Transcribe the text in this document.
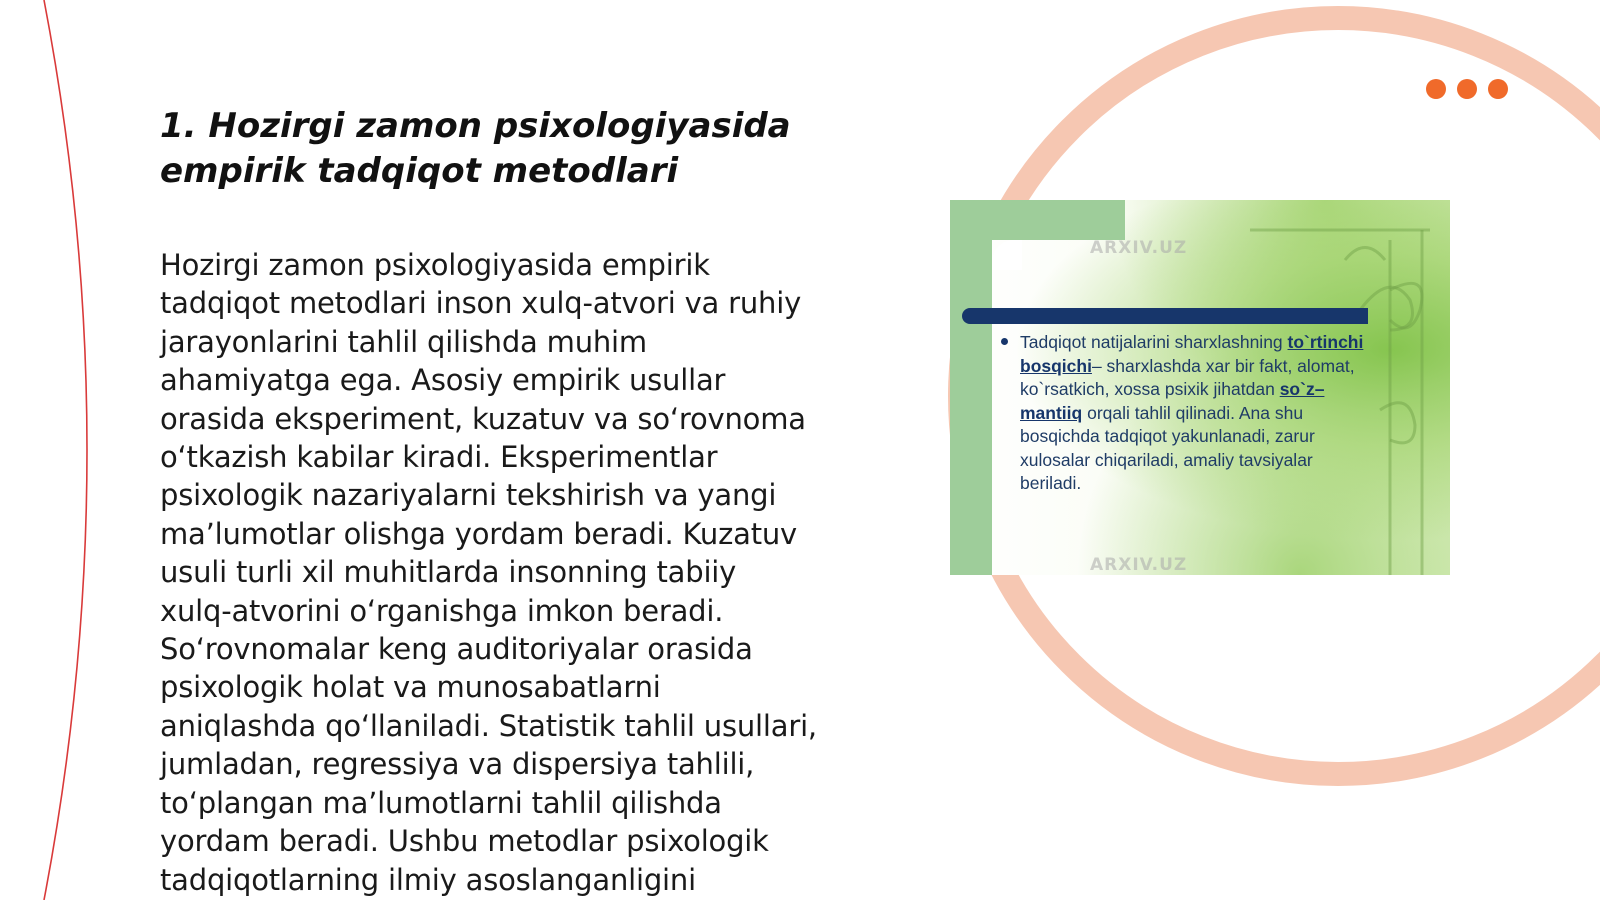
1. Hozirgi zamon psixologiyasida
empirik tadqiqot metodlari

Hozirgi zamon psixologiyasida empirik
tadqiqot metodlari inson xulq-atvori va ruhiy
jarayonlarini tahlil qilishda muhim
ahamiyatga ega. Asosiy empirik usullar
orasida eksperiment, kuzatuv va so‘rovnoma
o‘tkazish kabilar kiradi. Eksperimentlar
psixologik nazariyalarni tekshirish va yangi
ma’lumotlar olishga yordam beradi. Kuzatuv
usuli turli xil muhitlarda insonning tabiiy
xulq-atvorini o‘rganishga imkon beradi.
So‘rovnomalar keng auditoriyalar orasida
psixologik holat va munosabatlarni
aniqlashda qo‘llaniladi. Statistik tahlil usullari,
jumladan, regressiya va dispersiya tahlili,
to‘plangan ma’lumotlarni tahlil qilishda
yordam beradi. Ushbu metodlar psixologik
tadqiqotlarning ilmiy asoslanganligini

ARXIV.UZ
ARXIV.UZ

Tadqiqot natijalarini sharxlashning to`rtinchi
bosqichi– sharxlashda xar bir fakt, alomat,
ko`rsatkich, xossa psixik jihatdan so`z–
mantiiq orqali tahlil qilinadi. Ana shu
bosqichda tadqiqot yakunlanadi, zarur
xulosalar chiqariladi, amaliy tavsiyalar
beriladi.
